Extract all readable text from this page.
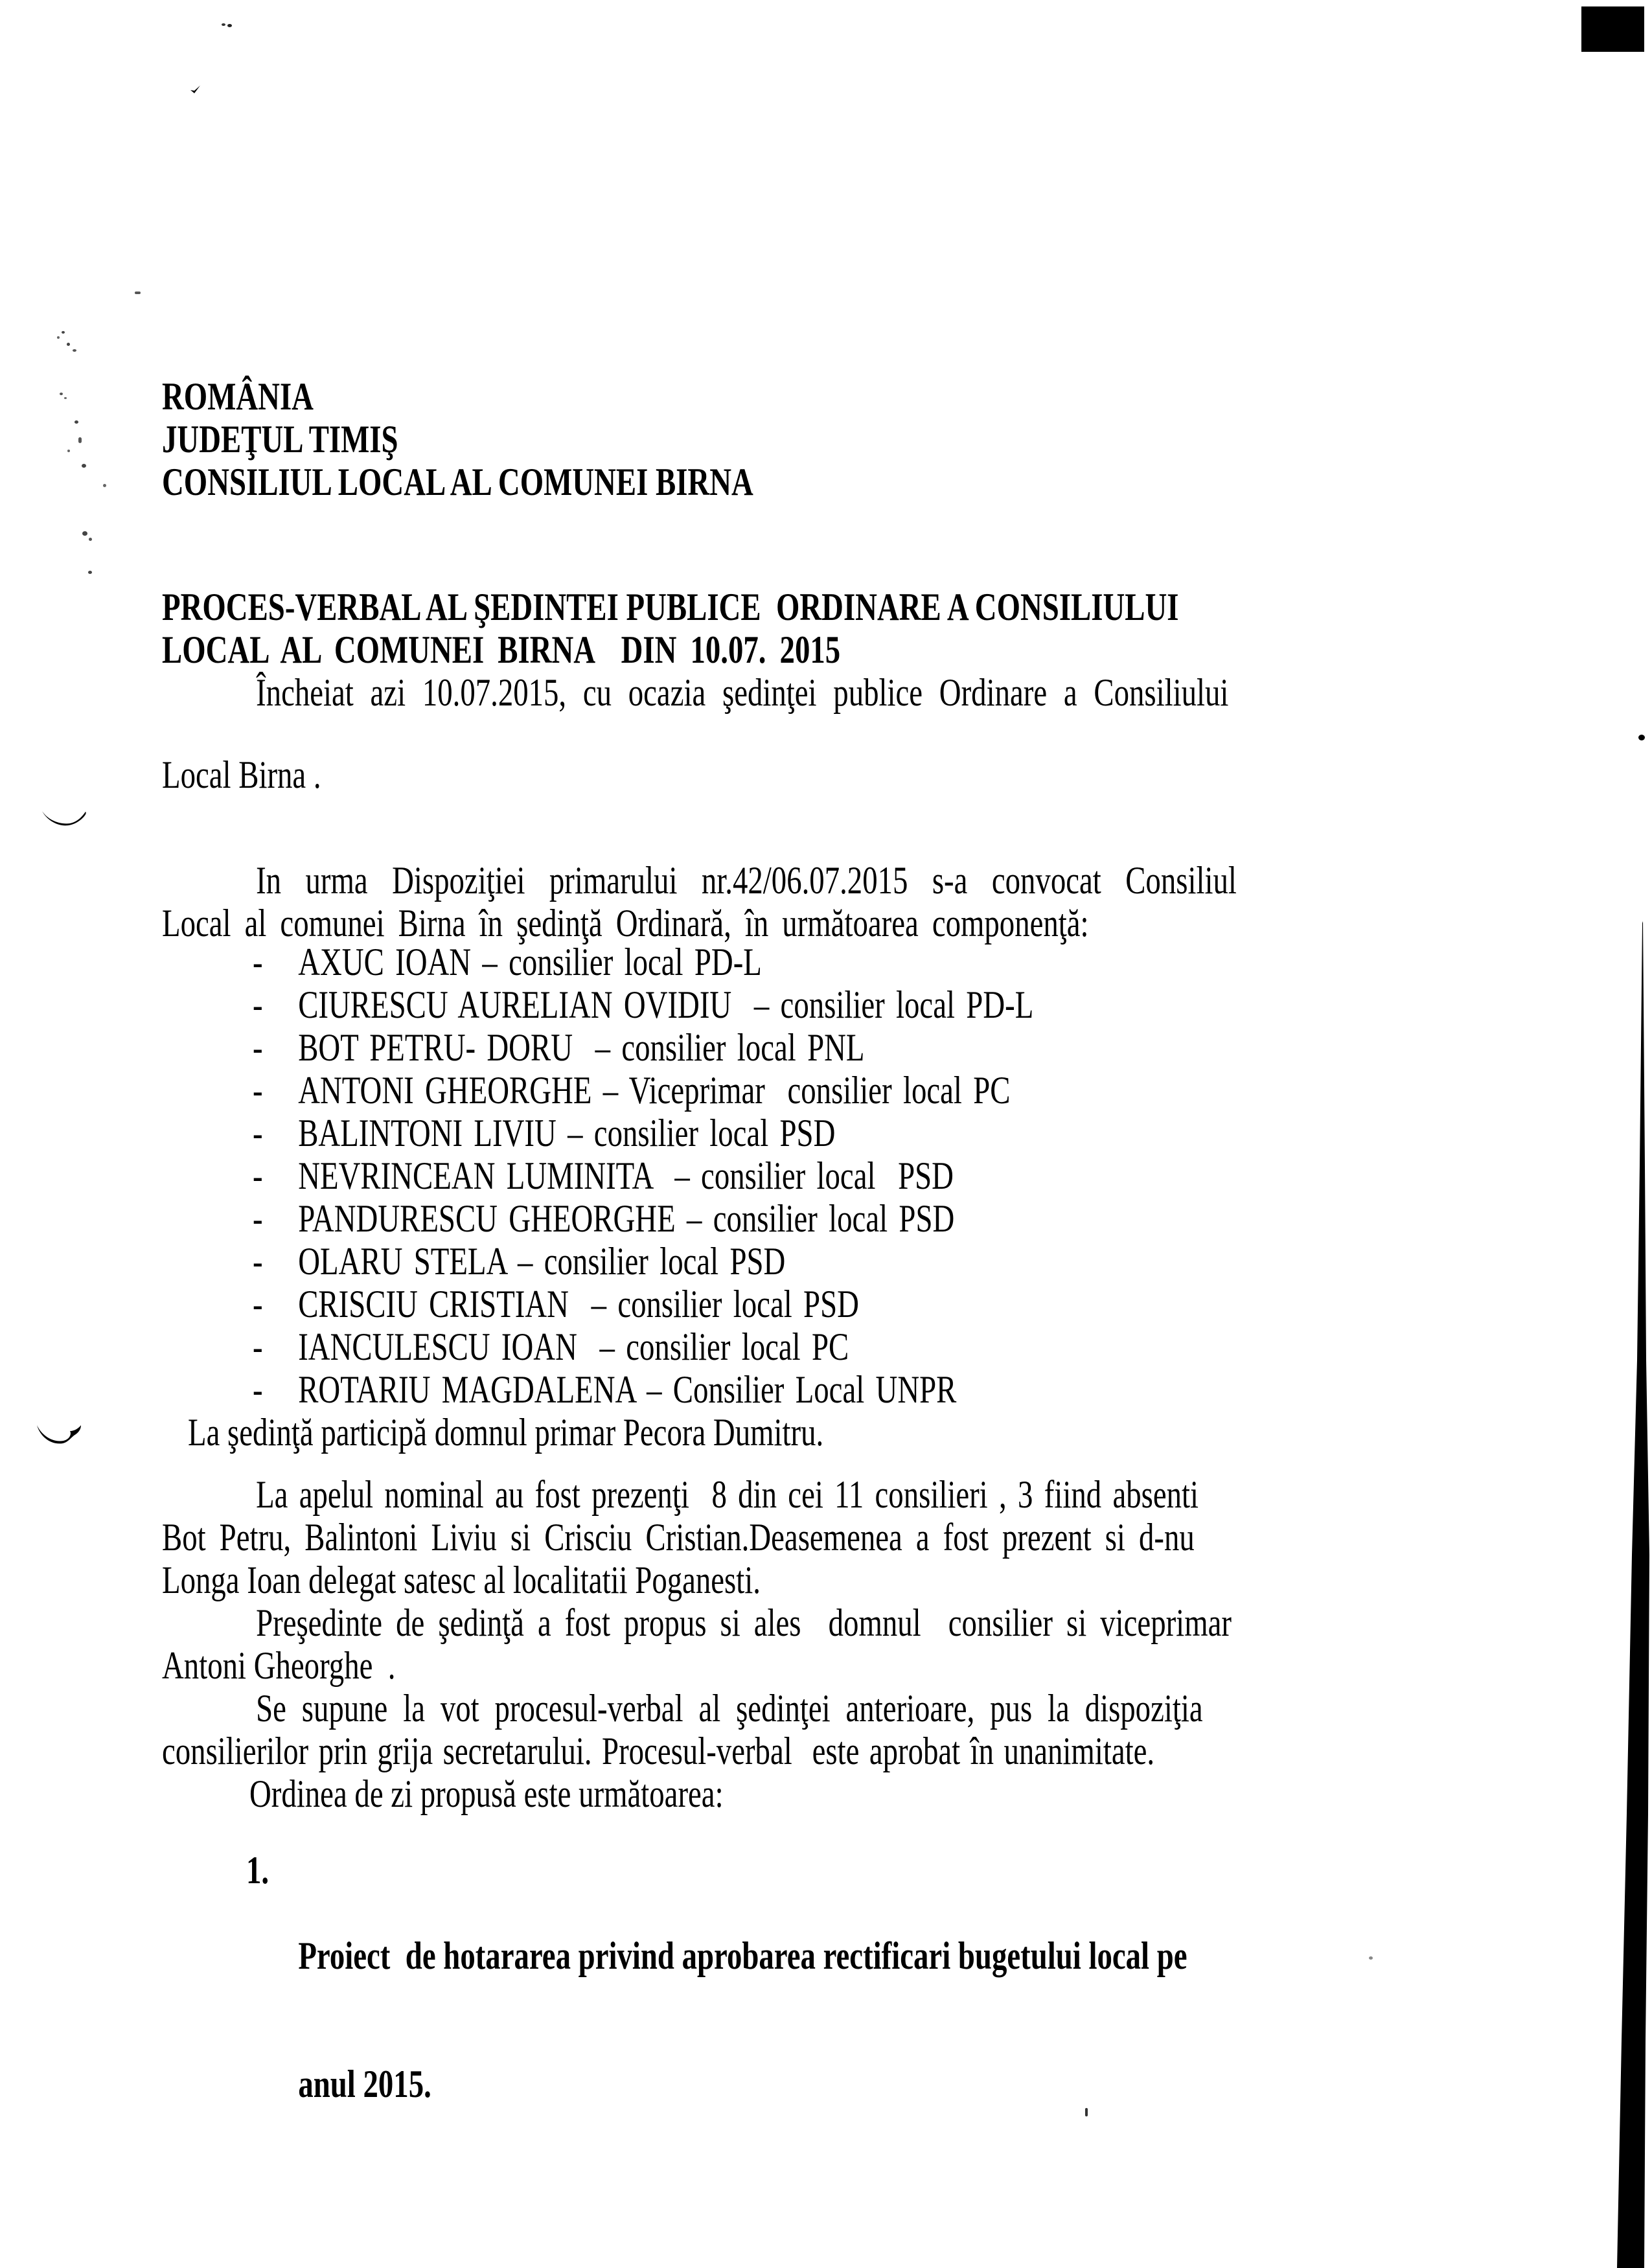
ROMÂNIA
JUDEŢUL TIMIŞ
CONSILIUL LOCAL AL COMUNEI BIRNA
PROCES-VERBAL AL ŞEDINTEI PUBLICE  ORDINARE A CONSILIULUI
LOCAL AL COMUNEI BIRNA  DIN 10.07. 2015
Încheiat azi 10.07.2015, cu ocazia şedinţei publice Ordinare a Consiliului
Local Birna .
In urma Dispoziţiei primarului nr.42/06.07.2015 s-a convocat Consiliul
Local al comunei Birna în şedinţă Ordinară, în următoarea componenţă:
- AXUC IOAN – consilier local PD-L
- CIURESCU AURELIAN OVIDIU  – consilier local PD-L
- BOT PETRU- DORU  – consilier local PNL
- ANTONI GHEORGHE – Viceprimar  consilier local PC
- BALINTONI LIVIU – consilier local PSD
- NEVRINCEAN LUMINITA  – consilier local  PSD
- PANDURESCU GHEORGHE – consilier local PSD
- OLARU STELA – consilier local PSD
- CRISCIU CRISTIAN  – consilier local PSD
- IANCULESCU IOAN  – consilier local PC
- ROTARIU MAGDALENA – Consilier Local UNPR
La şedinţă participă domnul primar Pecora Dumitru.
La apelul nominal au fost prezenţi  8 din cei 11 consilieri , 3 fiind absenti
Bot Petru, Balintoni Liviu si Crisciu Cristian.Deasemenea a fost prezent si d-nu
Longa Ioan delegat satesc al localitatii Poganesti.
Preşedinte de şedinţă a fost propus si ales  domnul  consilier si viceprimar
Antoni Gheorghe  .
Se supune la vot procesul-verbal al şedinţei anterioare, pus la dispoziţia
consilierilor prin grija secretarului. Procesul-verbal  este aprobat în unanimitate.
Ordinea de zi propusă este următoarea:
1.

Proiect  de hotararea privind aprobarea rectificari bugetului local pe

anul 2015.
